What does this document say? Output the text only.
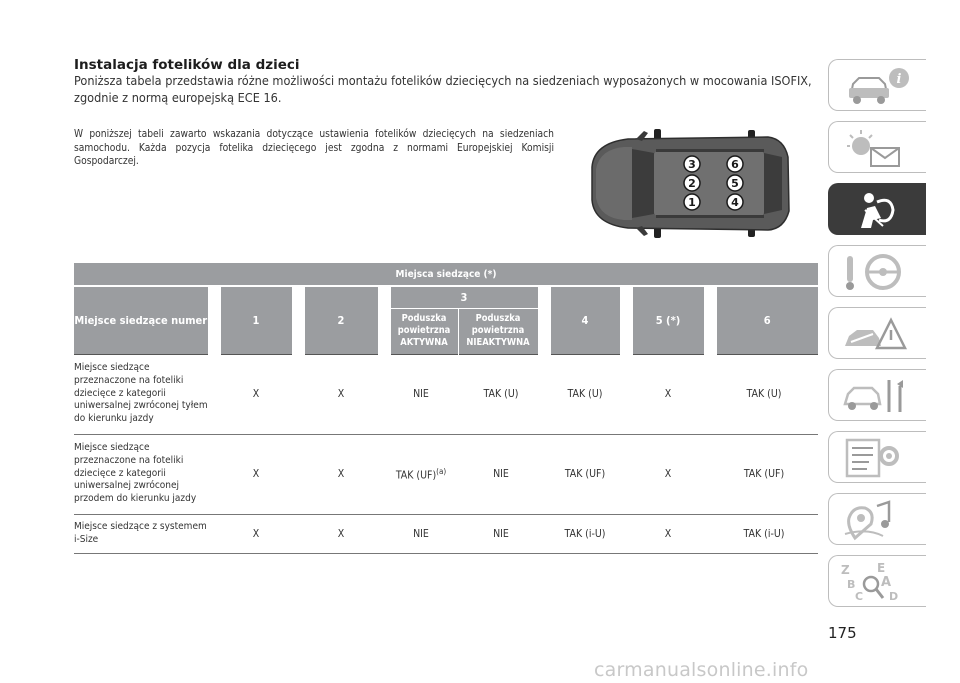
Instalacja fotelików dla dzieci
Poniższa tabela przedstawia różne możliwości montażu fotelików dziecięcych na siedzeniach wyposażonych w mocowania ISOFIX, zgodnie z normą europejską ECE 16.
W poniższej tabeli zawarto wskazania dotyczące ustawienia fotelików dziecięcych na siedzeniach samochodu. Każda pozycja fotelika dziecięcego jest zgodna z normami Europejskiej Komisji Gospodarczej.	3	6
2	5
1	4
Miejsca siedzące (*)							
Miejsce siedzące numer	1	2	3		4	5 (*)	6
			Poduszka powietrzna AKTYWNA	Poduszka powietrzna NIEAKTYWNA			
Miejsce siedzące przeznaczone na foteliki dziecięce z kategorii uniwersalnej zwróconej tyłem do kierunku jazdy	X	X	NIE	TAK (U)	TAK (U)	X	TAK (U)
Miejsce siedzące przeznaczone na foteliki dziecięce z kategorii uniwersalnej zwróconej przodem do kierunku jazdy	X	X	TAK (UF)$^{(a)}$	NIE	TAK (UF)	X	TAK (UF)
Miejsce siedzące z systemem i-Size	X	X	NIE	NIE	TAK (i-U)	X	TAK (i-U)
i
Z E
B A
C D
175
carmanualsonline.info
